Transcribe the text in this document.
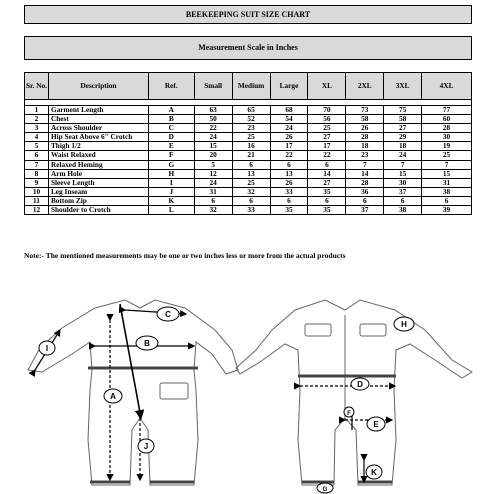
BEEKEEPING SUIT SIZE CHART
Measurement Scale in Inches
Sr. No.	Description	Ref.	Small	Medium	Large	XL	2XL	3XL	4XL

1	Garment Length	A	63	65	68	70	73	75	77
2	Chest	B	50	52	54	56	58	58	60
3	Across Shoulder	C	22	23	24	25	26	27	28
4	Hip Seat Above 6" Crotch	D	24	25	26	27	28	29	30
5	Thigh 1/2	E	15	16	17	17	18	18	19
6	Waist Relaxed	F	20	21	22	22	23	24	25
7	Relaxed Heming	G	5	6	6	6	7	7	7
8	Arm Hole	H	12	13	13	14	14	15	15
9	Sleeve Length	I	24	25	26	27	28	30	31
10	Leg Inseam	J	31	32	33	35	36	37	38
11	Bottom Zip	K	6	6	6	6	6	6	6
12	Shoulder to Crotch	L	32	33	35	35	37	38	39
Note:- The mentioned measurements may be one or two inches less or more from the actual products
C
B
I
A
J
H
D
F
E
K
G
